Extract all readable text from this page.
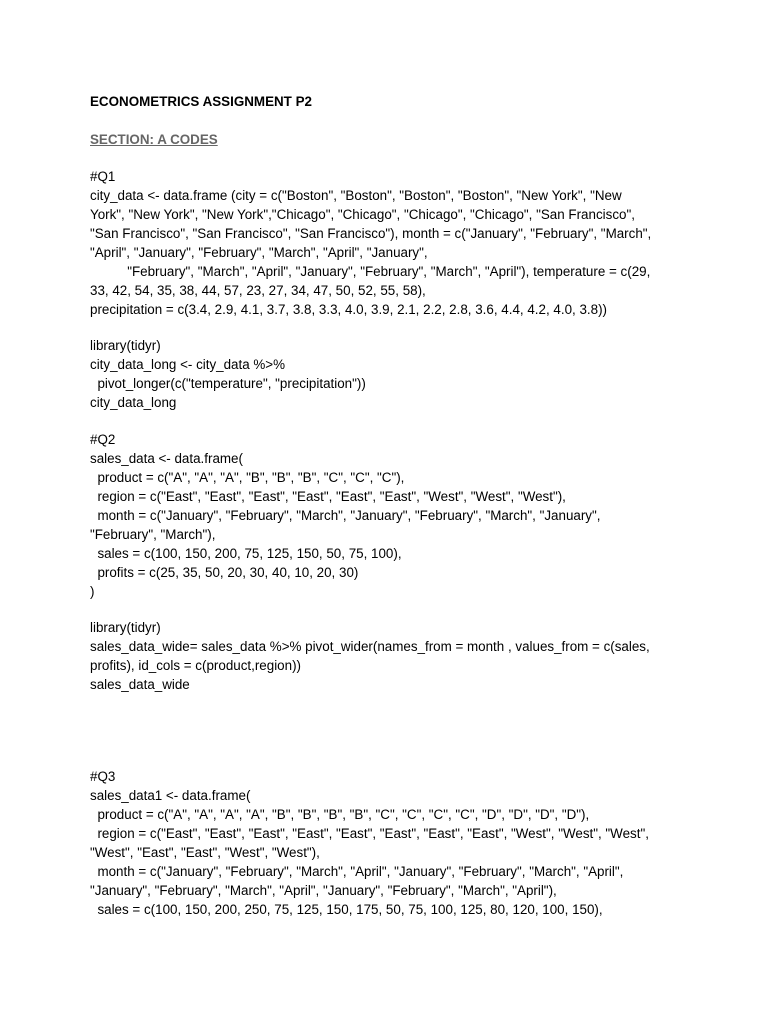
ECONOMETRICS ASSIGNMENT P2

SECTION: A CODES

#Q1

city_data <- data.frame (city = c("Boston", "Boston", "Boston", "Boston", "New York", "New

York", "New York", "New York","Chicago", "Chicago", "Chicago", "Chicago", "San Francisco",

"San Francisco", "San Francisco", "San Francisco"), month = c("January", "February", "March",

"April", "January", "February", "March", "April", "January",

"February", "March", "April", "January", "February", "March", "April"), temperature = c(29,

33, 42, 54, 35, 38, 44, 57, 23, 27, 34, 47, 50, 52, 55, 58),

precipitation = c(3.4, 2.9, 4.1, 3.7, 3.8, 3.3, 4.0, 3.9, 2.1, 2.2, 2.8, 3.6, 4.4, 4.2, 4.0, 3.8))

library(tidyr)

city_data_long <- city_data %>%

pivot_longer(c("temperature", "precipitation"))

city_data_long

#Q2

sales_data <- data.frame(

product = c("A", "A", "A", "B", "B", "B", "C", "C", "C"),

region = c("East", "East", "East", "East", "East", "East", "West", "West", "West"),

month = c("January", "February", "March", "January", "February", "March", "January",

"February", "March"),

sales = c(100, 150, 200, 75, 125, 150, 50, 75, 100),

profits = c(25, 35, 50, 20, 30, 40, 10, 20, 30)

)

library(tidyr)

sales_data_wide= sales_data %>% pivot_wider(names_from = month , values_from = c(sales,

profits), id_cols = c(product,region))

sales_data_wide

#Q3

sales_data1 <- data.frame(

product = c("A", "A", "A", "A", "B", "B", "B", "B", "C", "C", "C", "C", "D", "D", "D", "D"),

region = c("East", "East", "East", "East", "East", "East", "East", "East", "West", "West", "West",

"West", "East", "East", "West", "West"),

month = c("January", "February", "March", "April", "January", "February", "March", "April",

"January", "February", "March", "April", "January", "February", "March", "April"),

sales = c(100, 150, 200, 250, 75, 125, 150, 175, 50, 75, 100, 125, 80, 120, 100, 150),
